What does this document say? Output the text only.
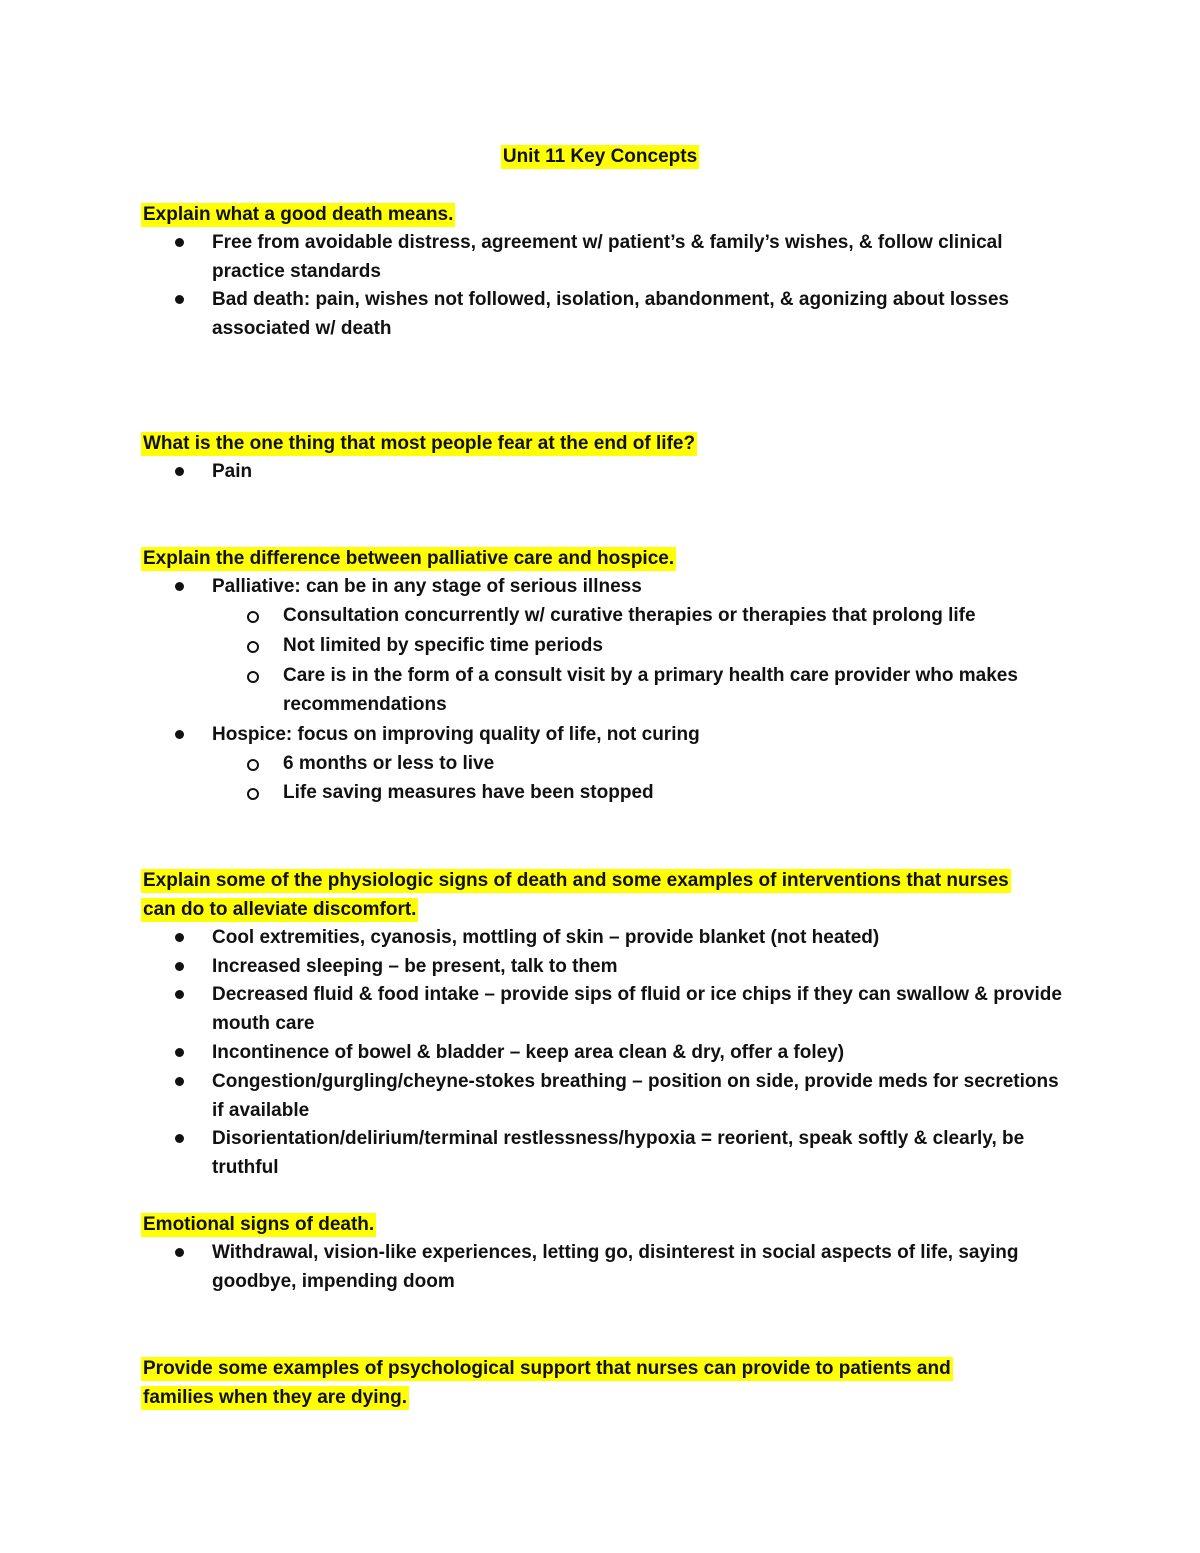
Unit 11 Key Concepts
Explain what a good death means.
Free from avoidable distress, agreement w/ patient’s & family’s wishes, & follow clinical practice standards
Bad death: pain, wishes not followed, isolation, abandonment, & agonizing about losses associated w/ death
What is the one thing that most people fear at the end of life?
Pain
Explain the difference between palliative care and hospice.
Palliative: can be in any stage of serious illness
Consultation concurrently w/ curative therapies or therapies that prolong life
Not limited by specific time periods
Care is in the form of a consult visit by a primary health care provider who makes recommendations
Hospice: focus on improving quality of life, not curing
6 months or less to live
Life saving measures have been stopped
Explain some of the physiologic signs of death and some examples of interventions that nurses can do to alleviate discomfort.
Cool extremities, cyanosis, mottling of skin – provide blanket (not heated)
Increased sleeping – be present, talk to them
Decreased fluid & food intake – provide sips of fluid or ice chips if they can swallow & provide mouth care
Incontinence of bowel & bladder – keep area clean & dry, offer a foley)
Congestion/gurgling/cheyne-stokes breathing – position on side, provide meds for secretions if available
Disorientation/delirium/terminal restlessness/hypoxia = reorient, speak softly & clearly, be truthful
Emotional signs of death.
Withdrawal, vision-like experiences, letting go, disinterest in social aspects of life, saying goodbye, impending doom
Provide some examples of psychological support that nurses can provide to patients and families when they are dying.
